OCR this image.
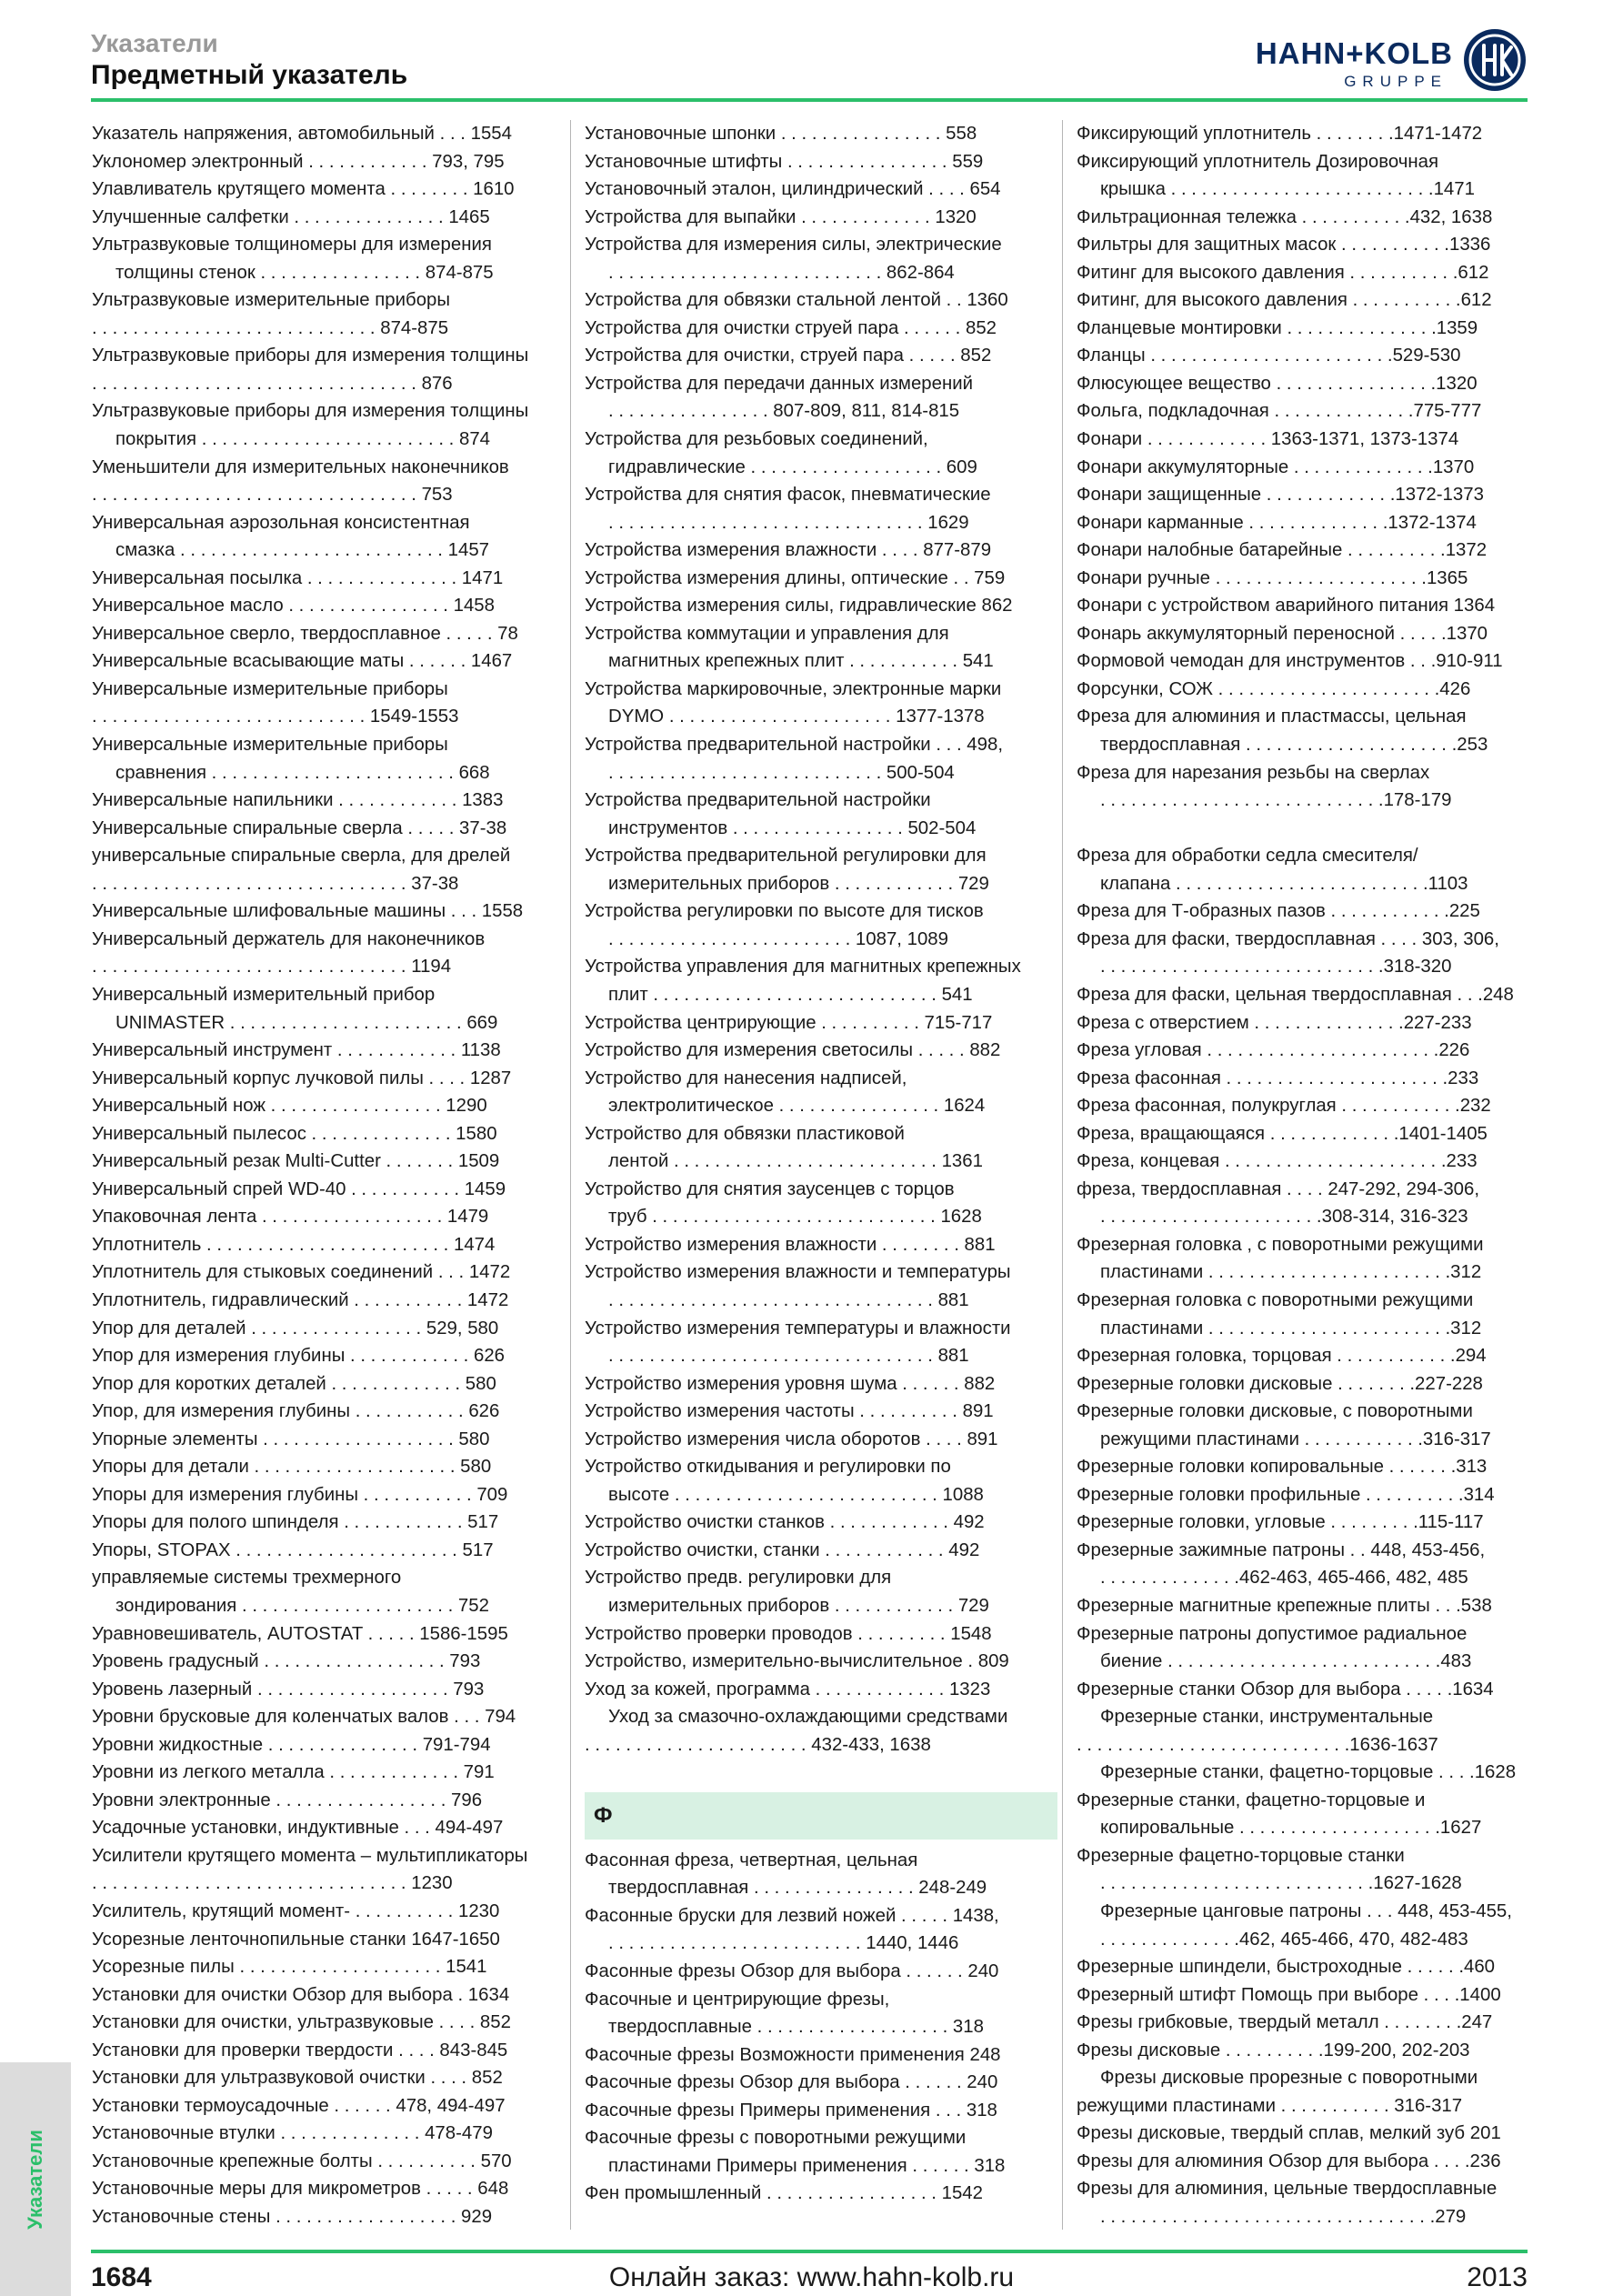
Указатели
Предметный указатель
HAHN+KOLB
GRUPPE
Указатель напряжения, автомобильный . . . 1554
Уклономер электронный . . . . . . . . . . . . 793, 795
Улавливатель крутящего момента . . . . . . . . 1610
Улучшенные салфетки . . . . . . . . . . . . . . . 1465
Ультразвуковые толщиномеры для измерения
толщины стенок . . . . . . . . . . . . . . . . 874-875
Ультразвуковые измерительные приборы
. . . . . . . . . . . . . . . . . . . . . . . . . . . . 874-875
Ультразвуковые приборы для измерения толщины
. . . . . . . . . . . . . . . . . . . . . . . . . . . . . . . . 876
Ультразвуковые приборы для измерения толщины
покрытия . . . . . . . . . . . . . . . . . . . . . . . . . 874
Уменьшители для измерительных наконечников
. . . . . . . . . . . . . . . . . . . . . . . . . . . . . . . . 753
Универсальная аэрозольная консистентная
смазка . . . . . . . . . . . . . . . . . . . . . . . . . . 1457
Универсальная посылка . . . . . . . . . . . . . . . 1471
Универсальное масло . . . . . . . . . . . . . . . . 1458
Универсальное сверло, твердосплавное . . . . . 78
Универсальные всасывающие маты . . . . . . 1467
Универсальные измерительные приборы
. . . . . . . . . . . . . . . . . . . . . . . . . . . 1549-1553
Универсальные измерительные приборы
сравнения . . . . . . . . . . . . . . . . . . . . . . . . 668
Универсальные напильники . . . . . . . . . . . . 1383
Универсальные спиральные сверла . . . . . 37-38
универсальные спиральные сверла, для дрелей
. . . . . . . . . . . . . . . . . . . . . . . . . . . . . . . 37-38
Универсальные шлифовальные машины . . . 1558
Универсальный держатель для наконечников
. . . . . . . . . . . . . . . . . . . . . . . . . . . . . . . 1194
Универсальный измерительный прибор
UNIMASTER . . . . . . . . . . . . . . . . . . . . . . . 669
Универсальный инструмент . . . . . . . . . . . . 1138
Универсальный корпус лучковой пилы . . . . 1287
Универсальный нож . . . . . . . . . . . . . . . . . 1290
Универсальный пылесос . . . . . . . . . . . . . . 1580
Универсальный резак Multi-Cutter . . . . . . . 1509
Универсальный спрей WD-40 . . . . . . . . . . . 1459
Упаковочная лента . . . . . . . . . . . . . . . . . . 1479
Уплотнитель . . . . . . . . . . . . . . . . . . . . . . . . 1474
Уплотнитель для стыковых соединений . . . 1472
Уплотнитель, гидравлический . . . . . . . . . . . 1472
Упор для деталей . . . . . . . . . . . . . . . . . 529, 580
Упор для измерения глубины . . . . . . . . . . . . 626
Упор для коротких деталей . . . . . . . . . . . . . 580
Упор, для измерения глубины . . . . . . . . . . . 626
Упорные элементы . . . . . . . . . . . . . . . . . . . 580
Упоры для детали . . . . . . . . . . . . . . . . . . . . 580
Упоры для измерения глубины . . . . . . . . . . . 709
Упоры для полого шпинделя . . . . . . . . . . . . 517
Упоры, STOPAX . . . . . . . . . . . . . . . . . . . . . . 517
управляемые системы трехмерного
зондирования . . . . . . . . . . . . . . . . . . . . . 752
Уравновешиватель, AUTOSTAT . . . . . 1586-1595
Уровень градусный . . . . . . . . . . . . . . . . . . 793
Уровень лазерный . . . . . . . . . . . . . . . . . . . 793
Уровни брусковые для коленчатых валов . . . 794
Уровни жидкостные . . . . . . . . . . . . . . . 791-794
Уровни из легкого металла . . . . . . . . . . . . . 791
Уровни электронные . . . . . . . . . . . . . . . . . 796
Усадочные установки, индуктивные . . . 494-497
Усилители крутящего момента – мультипликаторы
. . . . . . . . . . . . . . . . . . . . . . . . . . . . . . . 1230
Усилитель, крутящий момент- . . . . . . . . . . 1230
Усорезные ленточнопильные станки 1647-1650
Усорезные пилы . . . . . . . . . . . . . . . . . . . . 1541
Установки для очистки Обзор для выбора . 1634
Установки для очистки, ультразвуковые . . . . 852
Установки для проверки твердости . . . . 843-845
Установки для ультразвуковой очистки . . . . 852
Установки термоусадочные . . . . . . 478, 494-497
Установочные втулки . . . . . . . . . . . . . . 478-479
Установочные крепежные болты . . . . . . . . . . 570
Установочные меры для микрометров . . . . . 648
Установочные стены . . . . . . . . . . . . . . . . . . 929
Установочные шпонки . . . . . . . . . . . . . . . . 558
Установочные штифты . . . . . . . . . . . . . . . . 559
Установочный эталон, цилиндрический . . . . 654
Устройства для выпайки . . . . . . . . . . . . . 1320
Устройства для измерения силы, электрические
. . . . . . . . . . . . . . . . . . . . . . . . . . . 862-864
Устройства для обвязки стальной лентой . . 1360
Устройства для очистки струей пара . . . . . . 852
Устройства для очистки, струей пара . . . . . 852
Устройства для передачи данных измерений
. . . . . . . . . . . . . . . . 807-809, 811, 814-815
Устройства для резьбовых соединений,
гидравлические . . . . . . . . . . . . . . . . . . . 609
Устройства для снятия фасок, пневматические
. . . . . . . . . . . . . . . . . . . . . . . . . . . . . . . 1629
Устройства измерения влажности . . . . 877-879
Устройства измерения длины, оптические . . 759
Устройства измерения силы, гидравлические 862
Устройства коммутации и управления для
магнитных крепежных плит . . . . . . . . . . . 541
Устройства маркировочные, электронные марки
DYMO . . . . . . . . . . . . . . . . . . . . . . 1377-1378
Устройства предварительной настройки . . . 498,
. . . . . . . . . . . . . . . . . . . . . . . . . . . 500-504
Устройства предварительной настройки
инструментов . . . . . . . . . . . . . . . . . 502-504
Устройства предварительной регулировки для
измерительных приборов . . . . . . . . . . . . 729
Устройства регулировки по высоте для тисков
. . . . . . . . . . . . . . . . . . . . . . . . 1087, 1089
Устройства управления для магнитных крепежных
плит . . . . . . . . . . . . . . . . . . . . . . . . . . . . 541
Устройства центрирующие . . . . . . . . . . 715-717
Устройство для измерения светосилы . . . . . 882
Устройство для нанесения надписей,
электролитическое . . . . . . . . . . . . . . . . 1624
Устройство для обвязки пластиковой
лентой . . . . . . . . . . . . . . . . . . . . . . . . . . 1361
Устройство для снятия заусенцев с торцов
труб . . . . . . . . . . . . . . . . . . . . . . . . . . . . 1628
Устройство измерения влажности . . . . . . . . 881
Устройство измерения влажности и температуры
. . . . . . . . . . . . . . . . . . . . . . . . . . . . . . . . 881
Устройство измерения температуры и влажности
. . . . . . . . . . . . . . . . . . . . . . . . . . . . . . . . 881
Устройство измерения уровня шума . . . . . . 882
Устройство измерения частоты . . . . . . . . . . 891
Устройство измерения числа оборотов . . . . 891
Устройство откидывания и регулировки по
высоте . . . . . . . . . . . . . . . . . . . . . . . . . . 1088
Устройство очистки станков . . . . . . . . . . . . 492
Устройство очистки, станки . . . . . . . . . . . . 492
Устройство предв. регулировки для
измерительных приборов . . . . . . . . . . . . 729
Устройство проверки проводов . . . . . . . . . 1548
Устройство, измерительно-вычислительное . 809
Уход за кожей, программа . . . . . . . . . . . . . 1323
Уход за смазочно-охлаждающими средствами
. . . . . . . . . . . . . . . . . . . . . . 432-433, 1638
Ф
Фасонная фреза, четвертная, цельная
твердосплавная . . . . . . . . . . . . . . . . 248-249
Фасонные бруски для лезвий ножей . . . . . 1438,
. . . . . . . . . . . . . . . . . . . . . . . . . 1440, 1446
Фасонные фрезы Обзор для выбора . . . . . . 240
Фасочные и центрирующие фрезы,
твердосплавные . . . . . . . . . . . . . . . . . . . 318
Фасочные фрезы Возможности применения 248
Фасочные фрезы Обзор для выбора . . . . . . 240
Фасочные фрезы Примеры применения . . . 318
Фасочные фрезы с поворотными режущими
пластинами Примеры применения . . . . . . 318
Фен промышленный . . . . . . . . . . . . . . . . . 1542
Фиксирующий уплотнитель . . . . . . . .1471-1472
Фиксирующий уплотнитель Дозировочная
крышка . . . . . . . . . . . . . . . . . . . . . . . . . .1471
Фильтрационная тележка . . . . . . . . . . .432, 1638
Фильтры для защитных масок . . . . . . . . . . .1336
Фитинг для высокого давления . . . . . . . . . . .612
Фитинг, для высокого давления . . . . . . . . . . .612
Фланцевые монтировки . . . . . . . . . . . . . . .1359
Фланцы . . . . . . . . . . . . . . . . . . . . . . . .529-530
Флюсующее вещество . . . . . . . . . . . . . . . .1320
Фольга, подкладочная . . . . . . . . . . . . . .775-777
Фонари . . . . . . . . . . . . 1363-1371, 1373-1374
Фонари аккумуляторные . . . . . . . . . . . . . .1370
Фонари защищенные . . . . . . . . . . . . .1372-1373
Фонари карманные . . . . . . . . . . . . . .1372-1374
Фонари налобные батарейные . . . . . . . . . .1372
Фонари ручные . . . . . . . . . . . . . . . . . . . . .1365
Фонари с устройством аварийного питания 1364
Фонарь аккумуляторный переносной . . . . .1370
Формовой чемодан для инструментов . . .910-911
Форсунки, СОЖ . . . . . . . . . . . . . . . . . . . . . .426
Фреза для алюминия и пластмассы, цельная
твердосплавная . . . . . . . . . . . . . . . . . . . . .253
Фреза для нарезания резьбы на сверлах
. . . . . . . . . . . . . . . . . . . . . . . . . . . .178-179
Фреза для обработки седла смесителя/
клапана . . . . . . . . . . . . . . . . . . . . . . . . .1103
Фреза для Т-образных пазов . . . . . . . . . . . .225
Фреза для фаски, твердосплавная . . . . 303, 306,
. . . . . . . . . . . . . . . . . . . . . . . . . . . .318-320
Фреза для фаски, цельная твердосплавная . . .248
Фреза с отверстием . . . . . . . . . . . . . . .227-233
Фреза угловая . . . . . . . . . . . . . . . . . . . . . . .226
Фреза фасонная . . . . . . . . . . . . . . . . . . . . . .233
Фреза фасонная, полукруглая . . . . . . . . . . . .232
Фреза, вращающаяся . . . . . . . . . . . . .1401-1405
Фреза, концевая . . . . . . . . . . . . . . . . . . . . . .233
фреза, твердосплавная . . . . 247-292, 294-306,
. . . . . . . . . . . . . . . . . . . . . .308-314, 316-323
Фрезерная головка , с поворотными режущими
пластинами . . . . . . . . . . . . . . . . . . . . . . . .312
Фрезерная головка с поворотными режущими
пластинами . . . . . . . . . . . . . . . . . . . . . . . .312
Фрезерная головка, торцовая . . . . . . . . . . . .294
Фрезерные головки дисковые . . . . . . . .227-228
Фрезерные головки дисковые, с поворотными
режущими пластинами . . . . . . . . . . . .316-317
Фрезерные головки копировальные . . . . . . .313
Фрезерные головки профильные . . . . . . . . . .314
Фрезерные головки, угловые . . . . . . . . .115-117
Фрезерные зажимные патроны . . 448, 453-456,
. . . . . . . . . . . . . .462-463, 465-466, 482, 485
Фрезерные магнитные крепежные плиты . . .538
Фрезерные патроны допустимое радиальное
биение . . . . . . . . . . . . . . . . . . . . . . . . . . .483
Фрезерные станки Обзор для выбора . . . . .1634
Фрезерные станки, инструментальные
. . . . . . . . . . . . . . . . . . . . . . . . . . .1636-1637
Фрезерные станки, фацетно-торцовые . . . .1628
Фрезерные станки, фацетно-торцовые и
копировальные . . . . . . . . . . . . . . . . . . . .1627
Фрезерные фацетно-торцовые станки
. . . . . . . . . . . . . . . . . . . . . . . . . . .1627-1628
Фрезерные цанговые патроны . . . 448, 453-455,
. . . . . . . . . . . . . .462, 465-466, 470, 482-483
Фрезерные шпиндели, быстроходные . . . . . .460
Фрезерный штифт Помощь при выборе . . . .1400
Фрезы грибковые, твердый металл . . . . . . . .247
Фрезы дисковые . . . . . . . . . .199-200, 202-203
Фрезы дисковые прорезные с поворотными
режущими пластинами . . . . . . . . . . . 316-317
Фрезы дисковые, твердый сплав, мелкий зуб 201
Фрезы для алюминия Обзор для выбора . . . .236
Фрезы для алюминия, цельные твердосплавные
. . . . . . . . . . . . . . . . . . . . . . . . . . . . . . . . .279
Указатели
1684	Онлайн заказ: www.hahn-kolb.ru	2013
